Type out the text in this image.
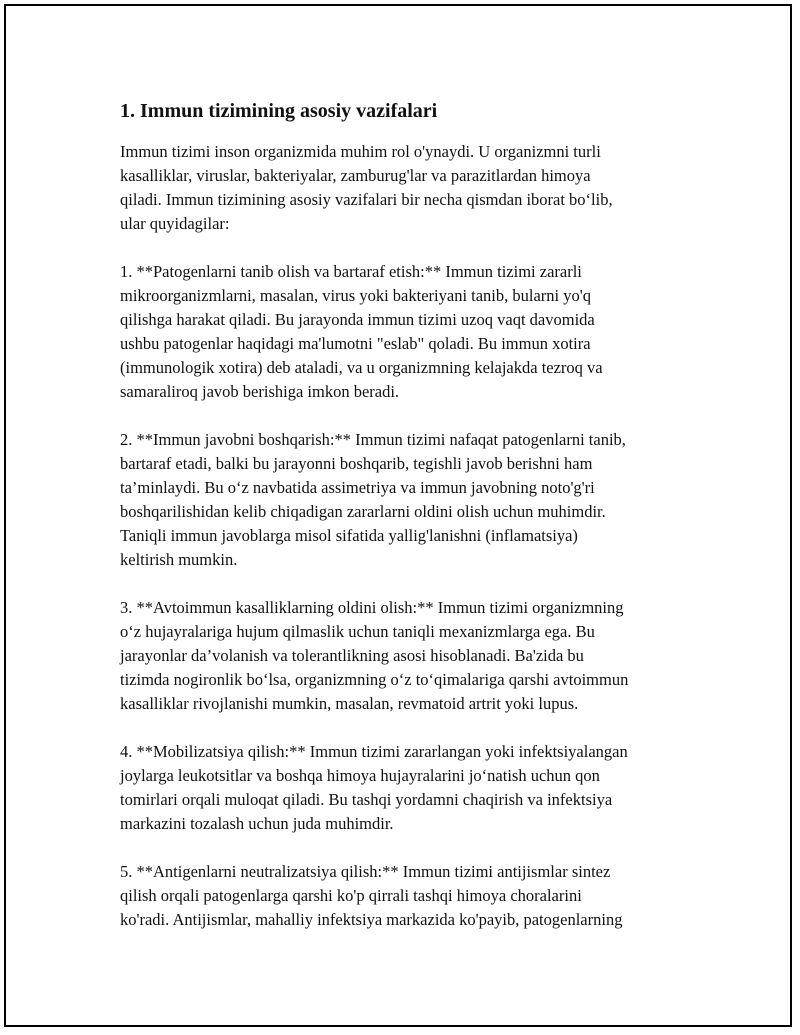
1. Immun tizimining asosiy vazifalari

Immun tizimi inson organizmida muhim rol o'ynaydi. U organizmni turli
kasalliklar, viruslar, bakteriyalar, zamburug'lar va parazitlardan himoya
qiladi. Immun tizimining asosiy vazifalari bir necha qismdan iborat bo‘lib,
ular quyidagilar:

1. **Patogenlarni tanib olish va bartaraf etish:** Immun tizimi zararli
mikroorganizmlarni, masalan, virus yoki bakteriyani tanib, bularni yo'q
qilishga harakat qiladi. Bu jarayonda immun tizimi uzoq vaqt davomida
ushbu patogenlar haqidagi ma'lumotni "eslab" qoladi. Bu immun xotira
(immunologik xotira) deb ataladi, va u organizmning kelajakda tezroq va
samaraliroq javob berishiga imkon beradi.

2. **Immun javobni boshqarish:** Immun tizimi nafaqat patogenlarni tanib,
bartaraf etadi, balki bu jarayonni boshqarib, tegishli javob berishni ham
ta’minlaydi. Bu o‘z navbatida assimetriya va immun javobning noto'g'ri
boshqarilishidan kelib chiqadigan zararlarni oldini olish uchun muhimdir.
Taniqli immun javoblarga misol sifatida yallig'lanishni (inflamatsiya)
keltirish mumkin.

3. **Avtoimmun kasalliklarning oldini olish:** Immun tizimi organizmning
o‘z hujayralariga hujum qilmaslik uchun taniqli mexanizmlarga ega. Bu
jarayonlar da’volanish va tolerantlikning asosi hisoblanadi. Ba'zida bu
tizimda nogironlik bo‘lsa, organizmning o‘z to‘qimalariga qarshi avtoimmun
kasalliklar rivojlanishi mumkin, masalan, revmatoid artrit yoki lupus.

4. **Mobilizatsiya qilish:** Immun tizimi zararlangan yoki infektsiyalangan
joylarga leukotsitlar va boshqa himoya hujayralarini jo‘natish uchun qon
tomirlari orqali muloqat qiladi. Bu tashqi yordamni chaqirish va infektsiya
markazini tozalash uchun juda muhimdir.

5. **Antigenlarni neutralizatsiya qilish:** Immun tizimi antijismlar sintez
qilish orqali patogenlarga qarshi ko'p qirrali tashqi himoya choralarini
ko'radi. Antijismlar, mahalliy infektsiya markazida ko'payib, patogenlarning
